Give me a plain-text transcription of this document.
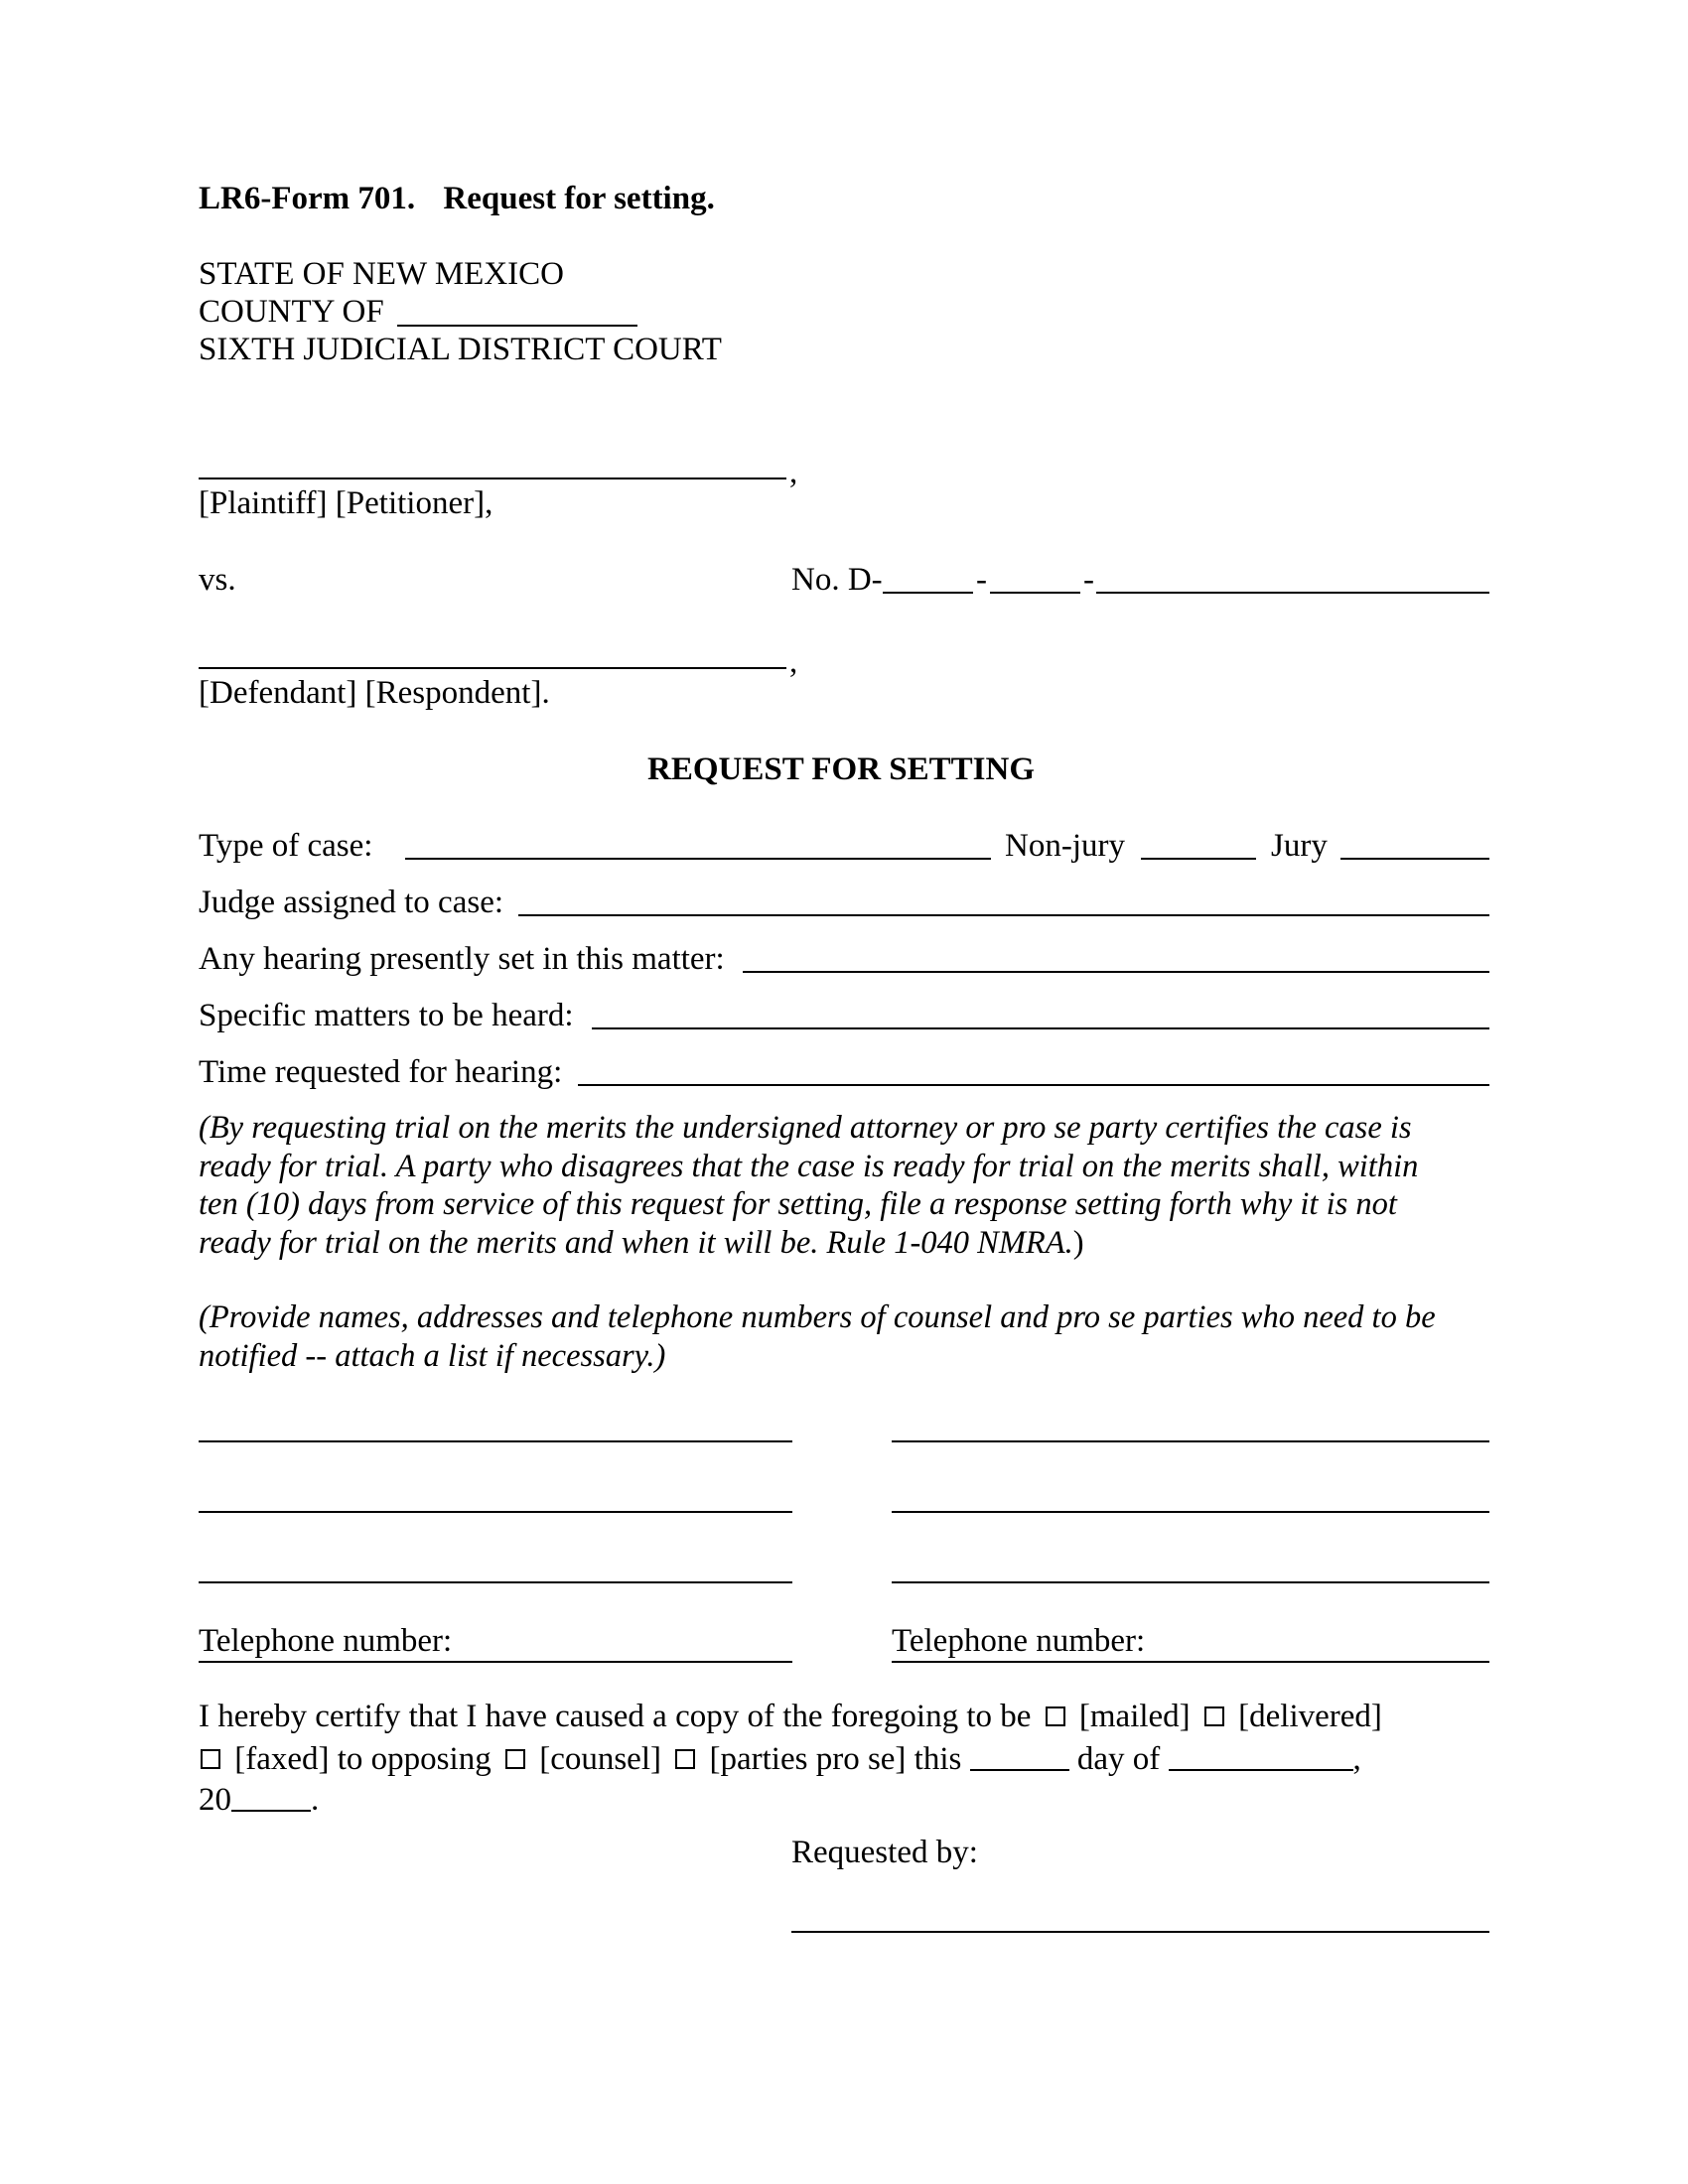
LR6-Form 701. Request for setting.
STATE OF NEW MEXICO
COUNTY OF
SIXTH JUDICIAL DISTRICT COURT
,
[Plaintiff] [Petitioner],
vs.	No. D-	-	-
,
[Defendant] [Respondent].
REQUEST FOR SETTING
Type of case:	Non-jury	Jury
Judge assigned to case:
Any hearing presently set in this matter:
Specific matters to be heard:
Time requested for hearing:
(By requesting trial on the merits the undersigned attorney or pro se party certifies the case is
ready for trial. A party who disagrees that the case is ready for trial on the merits shall, within
ten (10) days from service of this request for setting, file a response setting forth why it is not
ready for trial on the merits and when it will be. Rule 1-040 NMRA.)
(Provide names, addresses and telephone numbers of counsel and pro se parties who need to be
notified -- attach a list if necessary.)
Telephone number:	Telephone number:
I hereby certify that I have caused a copy of the foregoing to be [mailed] [delivered]
[faxed] to opposing [counsel] [parties pro se] this	day of	,
20 .
Requested by:
